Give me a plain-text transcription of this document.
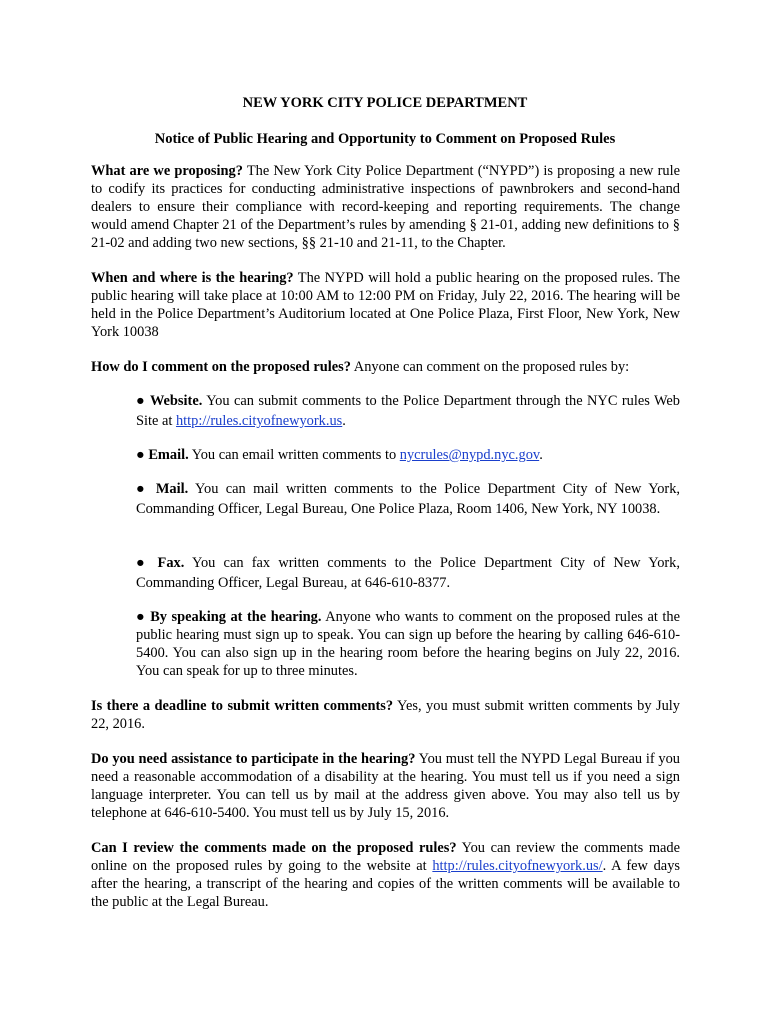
NEW YORK CITY POLICE DEPARTMENT
Notice of Public Hearing and Opportunity to Comment on Proposed Rules

What are we proposing? The New York City Police Department (“NYPD”) is proposing a new rule to codify its practices for conducting administrative inspections of pawnbrokers and second-hand dealers to ensure their compliance with record-keeping and reporting requirements. The change would amend Chapter 21 of the Department’s rules by amending § 21-01, adding new definitions to § 21-02 and adding two new sections, §§ 21-10 and 21-11, to the Chapter.

When and where is the hearing? The NYPD will hold a public hearing on the proposed rules. The public hearing will take place at 10:00 AM to 12:00 PM on Friday, July 22, 2016. The hearing will be held in the Police Department’s Auditorium located at One Police Plaza, First Floor, New York, New York 10038

How do I comment on the proposed rules? Anyone can comment on the proposed rules by:

● Website. You can submit comments to the Police Department through the NYC rules Web Site at http://rules.cityofnewyork.us.

● Email. You can email written comments to nycrules@nypd.nyc.gov.

● Mail. You can mail written comments to the Police Department City of New York, Commanding Officer, Legal Bureau, One Police Plaza, Room 1406, New York, NY 10038.

● Fax. You can fax written comments to the Police Department City of New York, Commanding Officer, Legal Bureau, at 646-610-8377.

● By speaking at the hearing. Anyone who wants to comment on the proposed rules at the public hearing must sign up to speak. You can sign up before the hearing by calling 646-610-5400. You can also sign up in the hearing room before the hearing begins on July 22, 2016. You can speak for up to three minutes.

Is there a deadline to submit written comments? Yes, you must submit written comments by July 22, 2016.

Do you need assistance to participate in the hearing? You must tell the NYPD Legal Bureau if you need a reasonable accommodation of a disability at the hearing. You must tell us if you need a sign language interpreter. You can tell us by mail at the address given above. You may also tell us by telephone at 646-610-5400. You must tell us by July 15, 2016.

Can I review the comments made on the proposed rules? You can review the comments made online on the proposed rules by going to the website at http://rules.cityofnewyork.us/. A few days after the hearing, a transcript of the hearing and copies of the written comments will be available to the public at the Legal Bureau.
